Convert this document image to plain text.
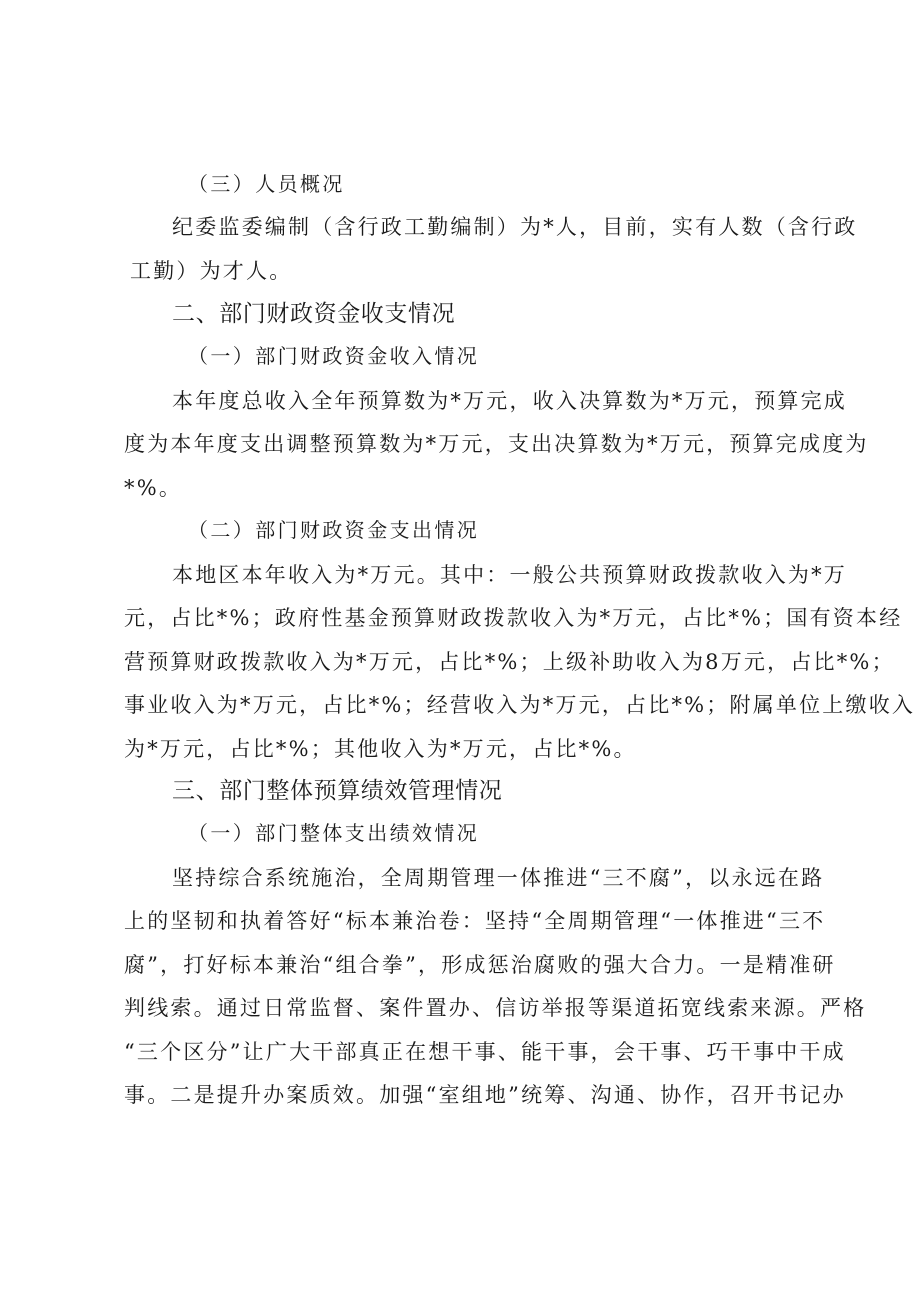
（三）人员概况
纪委监委编制（含行政工勤编制）为*人，目前，实有人数（含行政
工勤）为才人。
二、部门财政资金收支情况
（一）部门财政资金收入情况
本年度总收入全年预算数为*万元，收入决算数为*万元，预算完成
度为本年度支出调整预算数为*万元，支出决算数为*万元，预算完成度为
*%。
（二）部门财政资金支出情况
本地区本年收入为*万元。其中：一般公共预算财政拨款收入为*万
元，占比*%；政府性基金预算财政拨款收入为*万元，占比*%；国有资本经
营预算财政拨款收入为*万元，占比*%；上级补助收入为8万元，占比*%；
事业收入为*万元，占比*%；经营收入为*万元，占比*%；附属单位上缴收入
为*万元，占比*%；其他收入为*万元，占比*%。
三、部门整体预算绩效管理情况
（一）部门整体支出绩效情况
坚持综合系统施治，全周期管理一体推进“三不腐”，以永远在路
上的坚韧和执着答好“标本兼治卷：坚持“全周期管理“一体推进“三不
腐”，打好标本兼治“组合拳”，形成惩治腐败的强大合力。一是精准研
判线索。通过日常监督、案件置办、信访举报等渠道拓宽线索来源。严格
“三个区分”让广大干部真正在想干事、能干事，会干事、巧干事中干成
事。二是提升办案质效。加强“室组地”统筹、沟通、协作，召开书记办
